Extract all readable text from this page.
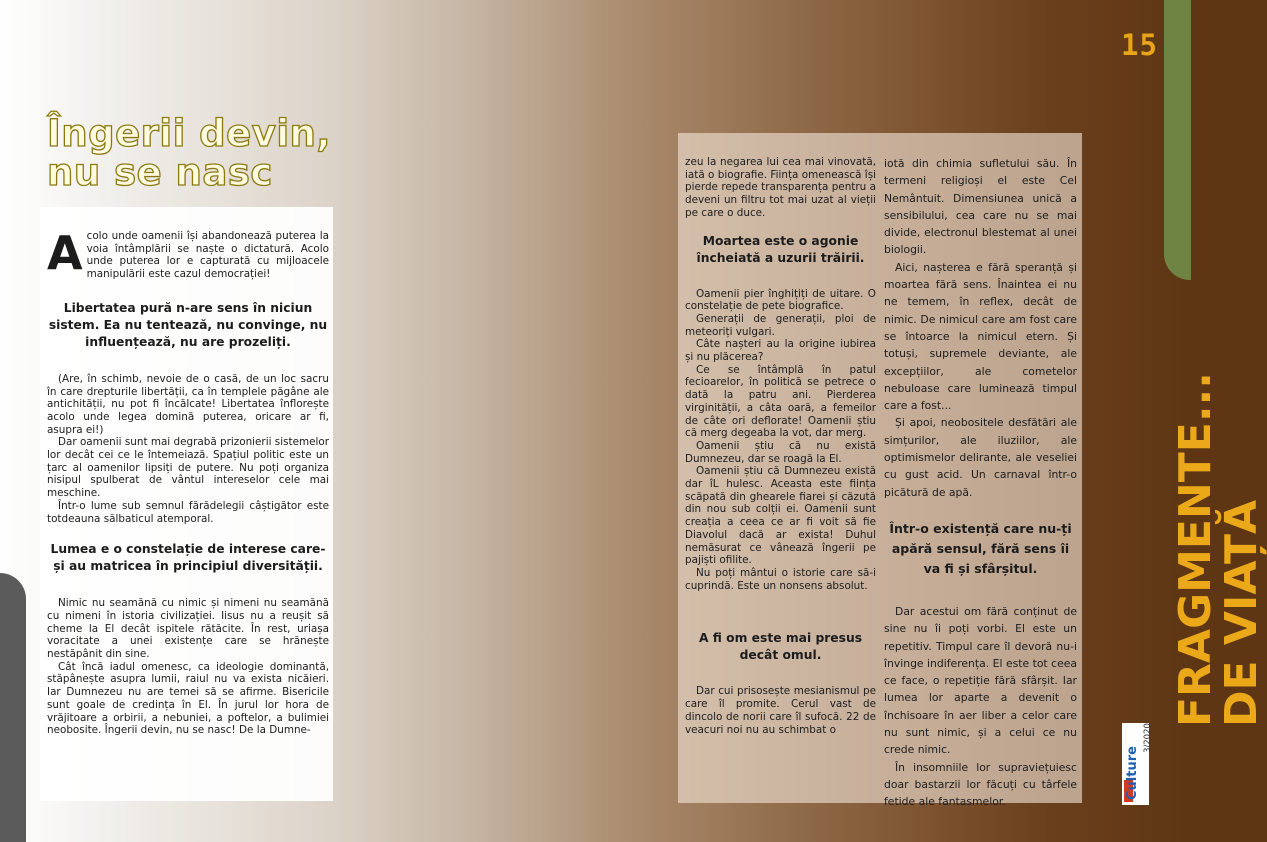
15
Îngerii devin,
nu se nasc

Acolo unde oamenii își abandonează puterea la voia întâmplării se naște o dictatură. Acolo unde puterea lor e capturată cu mijloacele manipulării este cazul democrației!

Libertatea pură n-are sens în niciun sistem. Ea nu tentează, nu convinge, nu influențează, nu are prozeliți.

(Are, în schimb, nevoie de o casă, de un loc sacru în care drepturile libertății, ca în templele păgâne ale antichității, nu pot fi încălcate! Libertatea înflorește acolo unde legea domină puterea, oricare ar fi, asupra ei!)

Dar oamenii sunt mai degrabă prizonierii sistemelor lor decât cei ce le întemeiază. Spațiul politic este un țarc al oamenilor lipsiți de putere. Nu poți organiza nisipul spulberat de vântul intereselor cele mai meschine.

Într-o lume sub semnul fărădelegii câștigător este totdeauna sălbaticul atemporal.

Lumea e o constelație de interese care-și au matricea în principiul diversității.

Nimic nu seamănă cu nimic și nimeni nu seamănă cu nimeni în istoria civilizației. Iisus nu a reușit să cheme la El decât ispitele rătăcite. În rest, uriașa voracitate a unei existențe care se hrănește nestăpânit din sine.

Cât încă iadul omenesc, ca ideologie dominantă, stăpânește asupra lumii, raiul nu va exista nicăieri. Iar Dumnezeu nu are temei să se afirme. Bisericile sunt goale de credința în El. În jurul lor hora de vrăjitoare a orbirii, a nebuniei, a poftelor, a bulimiei neobosite. Îngerii devin, nu se nasc! De la Dumne-

zeu la negarea lui cea mai vinovată, iată o biografie. Ființa omenească își pierde repede transparența pentru a deveni un filtru tot mai uzat al vieții pe care o duce.

Moartea este o agonie încheiată a uzurii trăirii.

Oamenii pier înghițiți de uitare. O constelație de pete biografice.

Generații de generații, ploi de meteoriți vulgari.

Câte nașteri au la origine iubirea și nu plăcerea?

Ce se întâmplă în patul fecioarelor, în politică se petrece o dată la patru ani. Pierderea virginității, a câta oară, a femeilor de câte ori deflorate! Oamenii știu că merg degeaba la vot, dar merg.

Oamenii știu că nu există Dumnezeu, dar se roagă la El.

Oamenii știu că Dumnezeu există dar îL hulesc. Aceasta este ființa scăpată din ghearele fiarei și căzută din nou sub colții ei. Oamenii sunt creația a ceea ce ar fi voit să fie Diavolul dacă ar exista! Duhul nemăsurat ce vânează îngerii pe pajiști ofilite.

Nu poți mântui o istorie care să-i cuprindă. Este un nonsens absolut.

A fi om este mai presus decât omul.

Dar cui prisosește mesianismul pe care îl promite. Cerul vast de dincolo de norii care îl sufocă. 22 de veacuri noi nu au schimbat o

iotă din chimia sufletului său. În termeni religioși el este Cel Nemântuit. Dimensiunea unică a sensibilului, cea care nu se mai divide, electronul blestemat al unei biologii.

Aici, nașterea e fără speranță și moartea fără sens. Înaintea ei nu ne temem, în reflex, decât de nimic. De nimicul care am fost care se întoarce la nimicul etern. Și totuși, supremele deviante, ale excepțiilor, ale cometelor nebuloase care luminează timpul care a fost...

Și apoi, neobositele desfătări ale simțurilor, ale iluziilor, ale optimismelor delirante, ale veseliei cu gust acid. Un carnaval într-o picătură de apă.

Într-o existență care nu-ți apără sensul, fără sens îi va fi și sfârșitul.

Dar acestui om fără conținut de sine nu îi poți vorbi. El este un repetitiv. Timpul care îl devoră nu-i învinge indiferența. El este tot ceea ce face, o repetiție fără sfârșit. Iar lumea lor aparte a devenit o închisoare în aer liber a celor care nu sunt nimic, și a celui ce nu crede nimic.

În insomniile lor supraviețuiesc doar bastarzii lor făcuți cu târfele fetide ale fantasmelor.

FRAGMENTE...
DE VIAȚĂ
Culture
3/2020
